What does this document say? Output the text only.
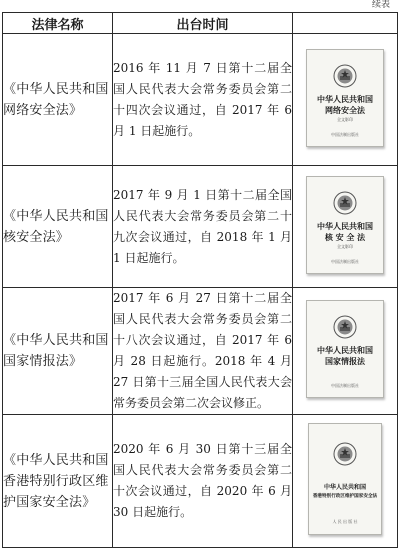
续表
法律名称	出台时间	
《中华人民共和国网络安全法》	2016 年 11 月 7 日第十二届全国人民代表大会常务委员会第二十四次会议通过，自 2017 年 6 月 1 日起施行。	中华人民共和国
网络安全法
全文影印
中国法制出版社

《中华人民共和国核安全法》	2017 年 9 月 1 日第十二届全国人民代表大会常务委员会第二十九次会议通过，自 2018 年 1 月 1 日起施行。	中华人民共和国
核 安 全 法
全文影印
中国法制出版社

《中华人民共和国国家情报法》	2017 年 6 月 27 日第十二届全国人民代表大会常务委员会第二十八次会议通过，自 2017 年 6 月 28 日起施行。2018 年 4 月 27 日第十三届全国人民代表大会常务委员会第二次会议修正。	中华人民共和国
国家情报法
中国法制出版社

《中华人民共和国香港特别行政区维护国家安全法》	2020 年 6 月 30 日第十三届全国人民代表大会常务委员会第二十次会议通过，自 2020 年 6 月 30 日起施行。	中华人民共和国
香港特别行政区维护国家安全法
人 民 出 版 社
